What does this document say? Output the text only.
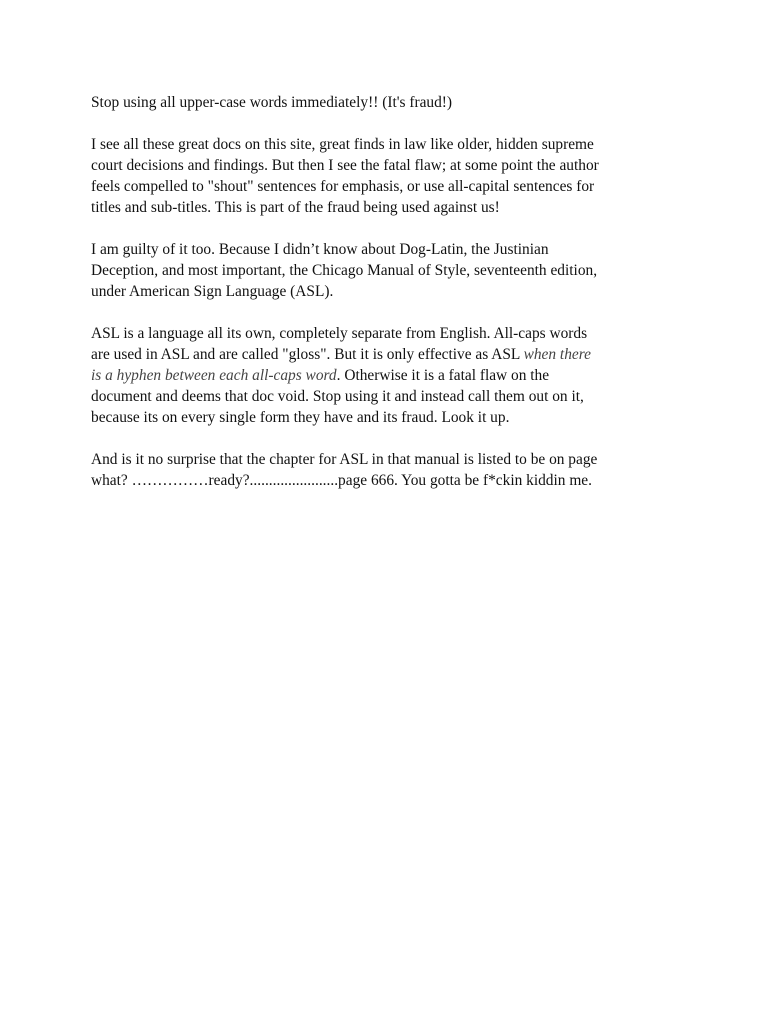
Stop using all upper-case words immediately!! (It's fraud!)

I see all these great docs on this site, great finds in law like older, hidden supreme
court decisions and findings. But then I see the fatal flaw; at some point the author
feels compelled to "shout" sentences for emphasis, or use all-capital sentences for
titles and sub-titles. This is part of the fraud being used against us!

I am guilty of it too. Because I didn’t know about Dog-Latin, the Justinian
Deception, and most important, the Chicago Manual of Style, seventeenth edition,
under American Sign Language (ASL).

ASL is a language all its own, completely separate from English. All-caps words
are used in ASL and are called "gloss". But it is only effective as ASL when there
is a hyphen between each all-caps word. Otherwise it is a fatal flaw on the
document and deems that doc void. Stop using it and instead call them out on it,
because its on every single form they have and its fraud. Look it up.

And is it no surprise that the chapter for ASL in that manual is listed to be on page
what? ……………ready?.......................page 666. You gotta be f*ckin kiddin me.
